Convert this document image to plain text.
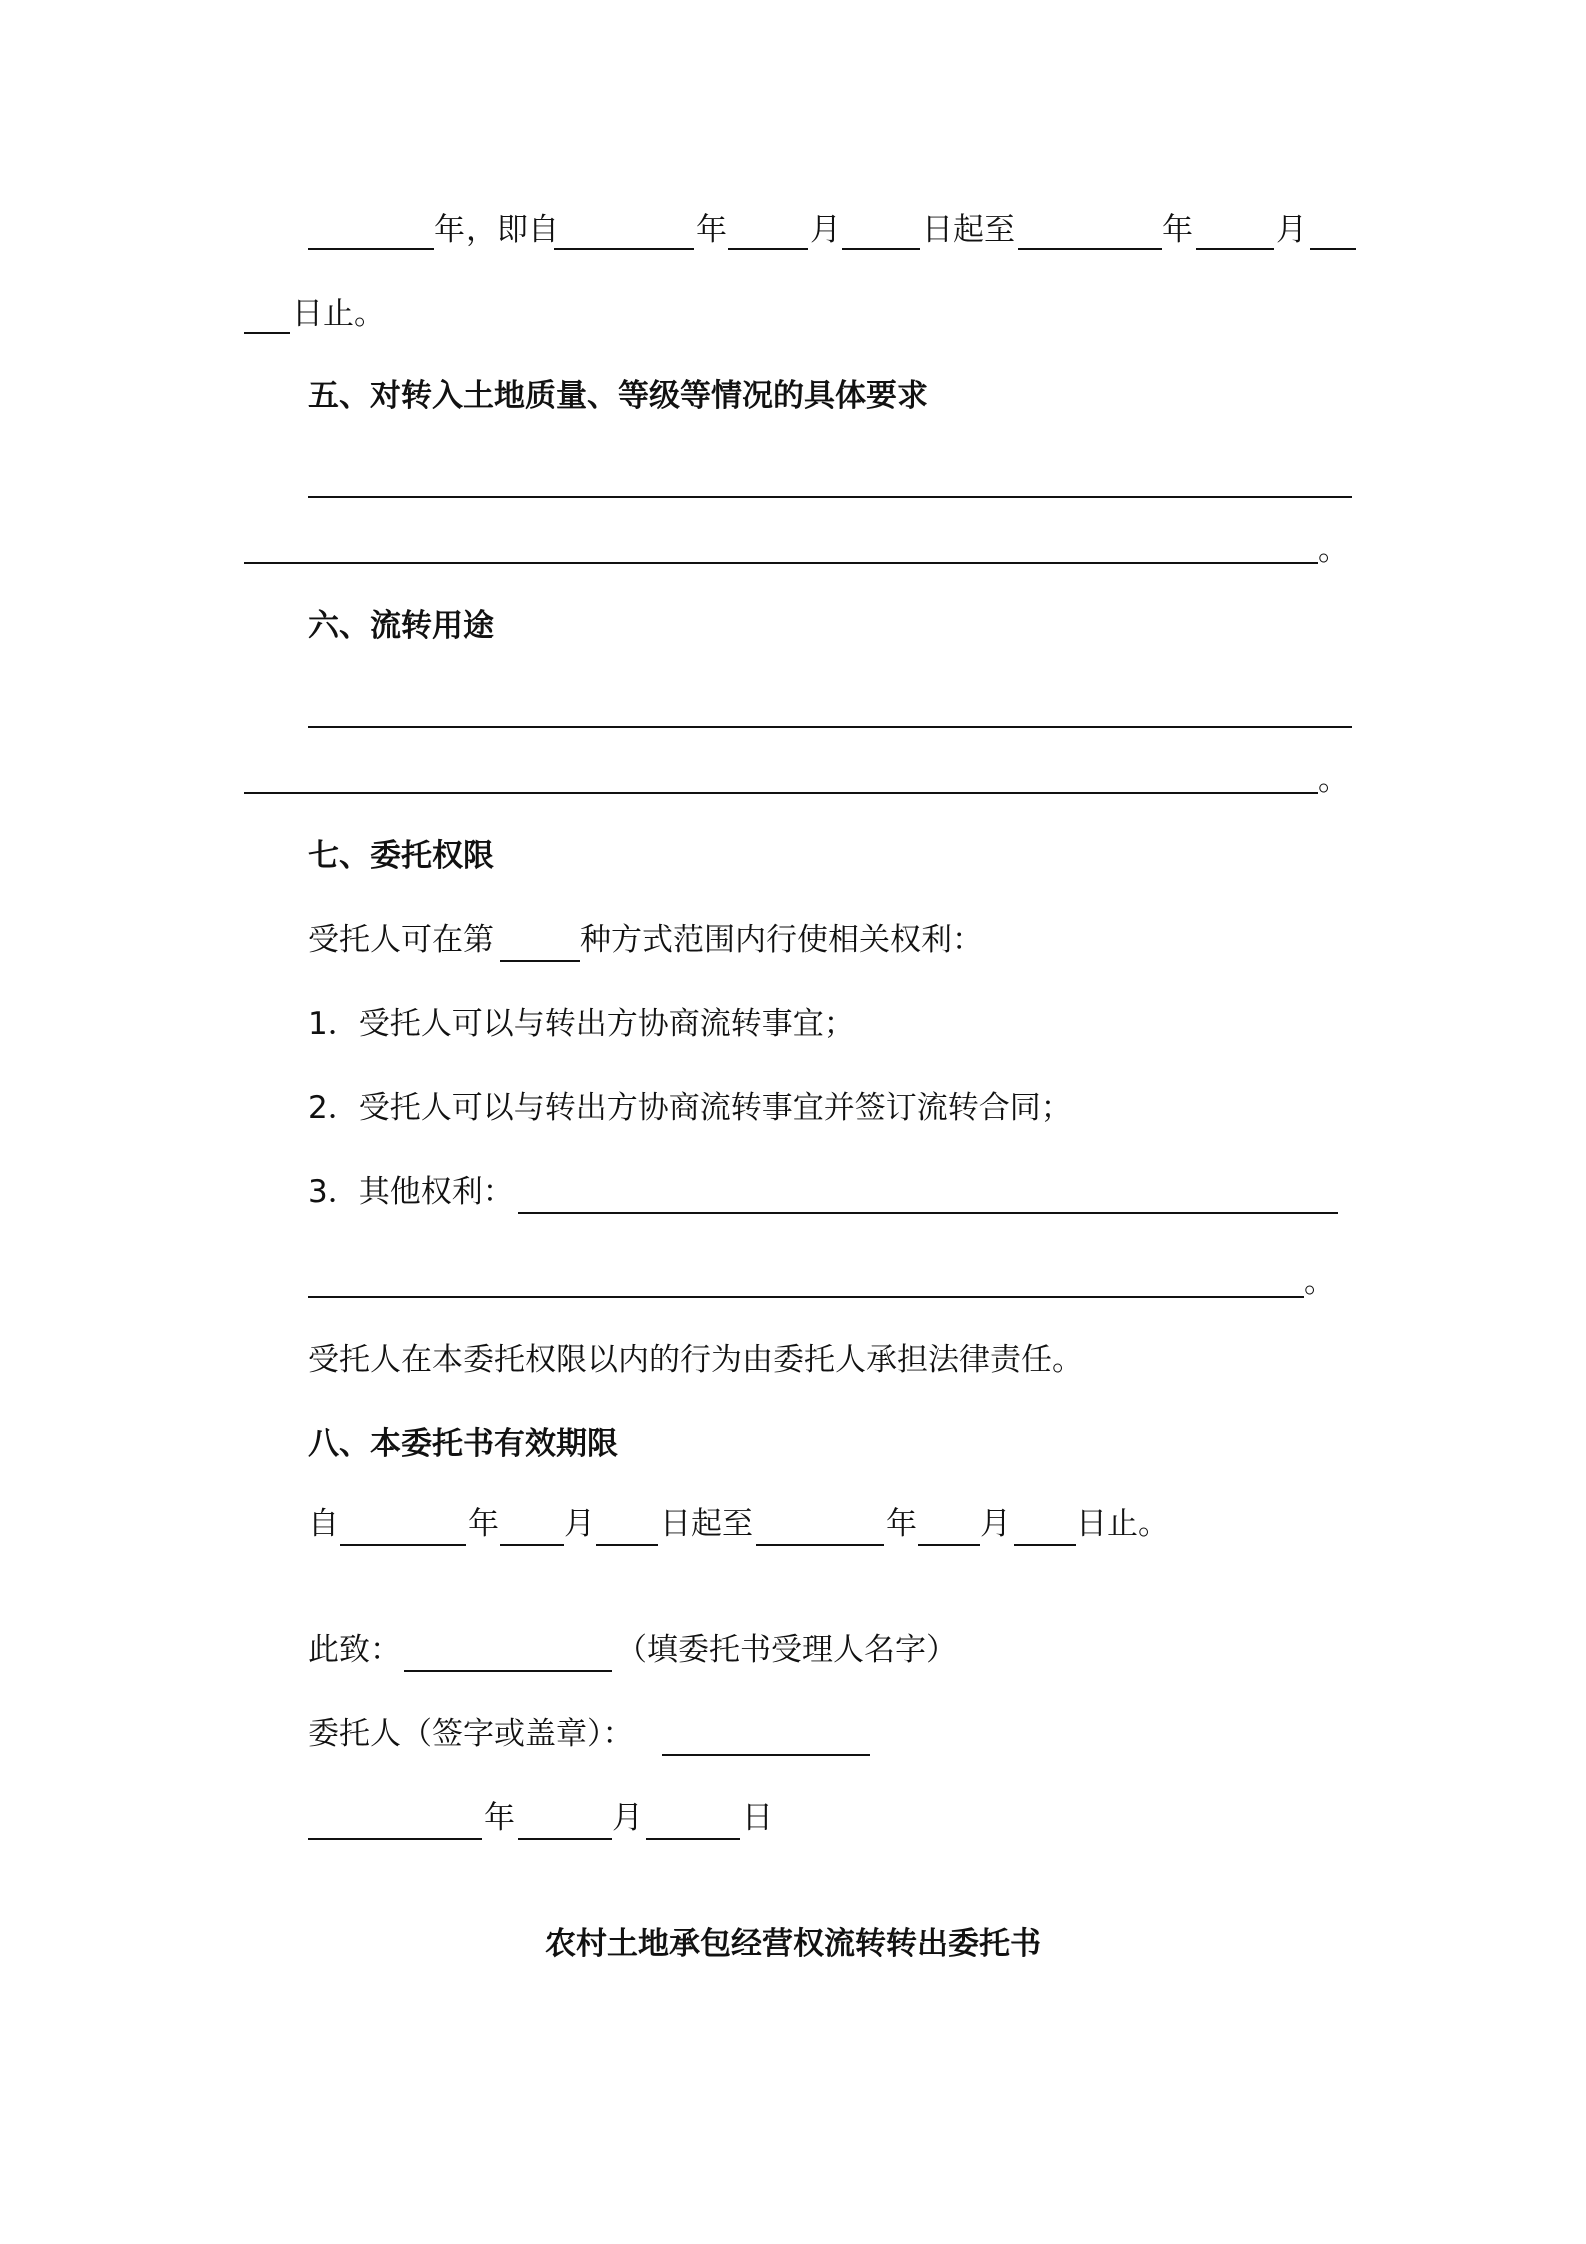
年 ，即自	年	月	日起至	年	月
日止。
五、对转入土地质量、等级等情况的具体要求
。
六、流转用途
。
七、委托权限
受托人可在第	种方式范围内行使相关权利：
1．受托人可以与转出方协商流转事宜；
2．受托人可以与转出方协商流转事宜并签订流转合同；
3．其他权利：
。
受托人在本委托权限以内的行为由委托人承担法律责任。
八、本委托书有效期限
自	年 月 日起至	年 月 日止。
此致：	（填委托书受理人名字）
委托人（签字或盖章）：
年	月	日
农村土地承包经营权流转转出委托书
